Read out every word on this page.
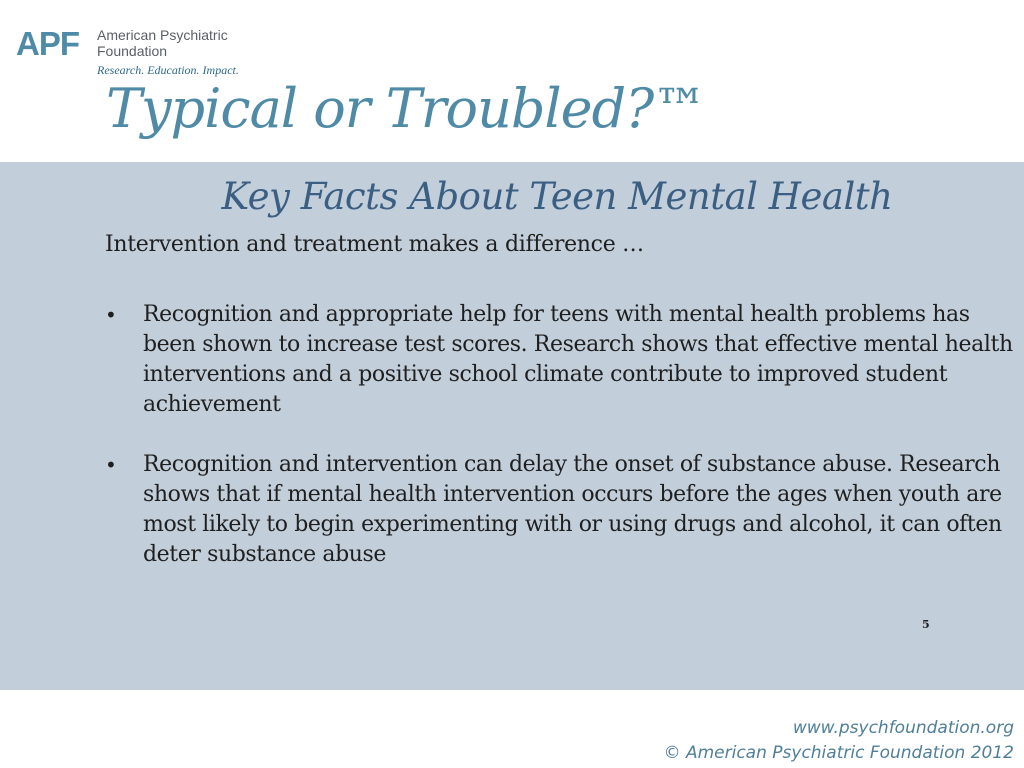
APF American Psychiatric Foundation
Research. Education. Impact.
Typical or Troubled?™
Key Facts About Teen Mental Health

Intervention and treatment makes a difference …

• Recognition and appropriate help for teens with mental health problems has been shown to increase test scores. Research shows that effective mental health interventions and a positive school climate contribute to improved student achievement
• Recognition and intervention can delay the onset of substance abuse. Research shows that if mental health intervention occurs before the ages when youth are most likely to begin experimenting with or using drugs and alcohol, it can often deter substance abuse
5
www.psychfoundation.org
© American Psychiatric Foundation 2012
